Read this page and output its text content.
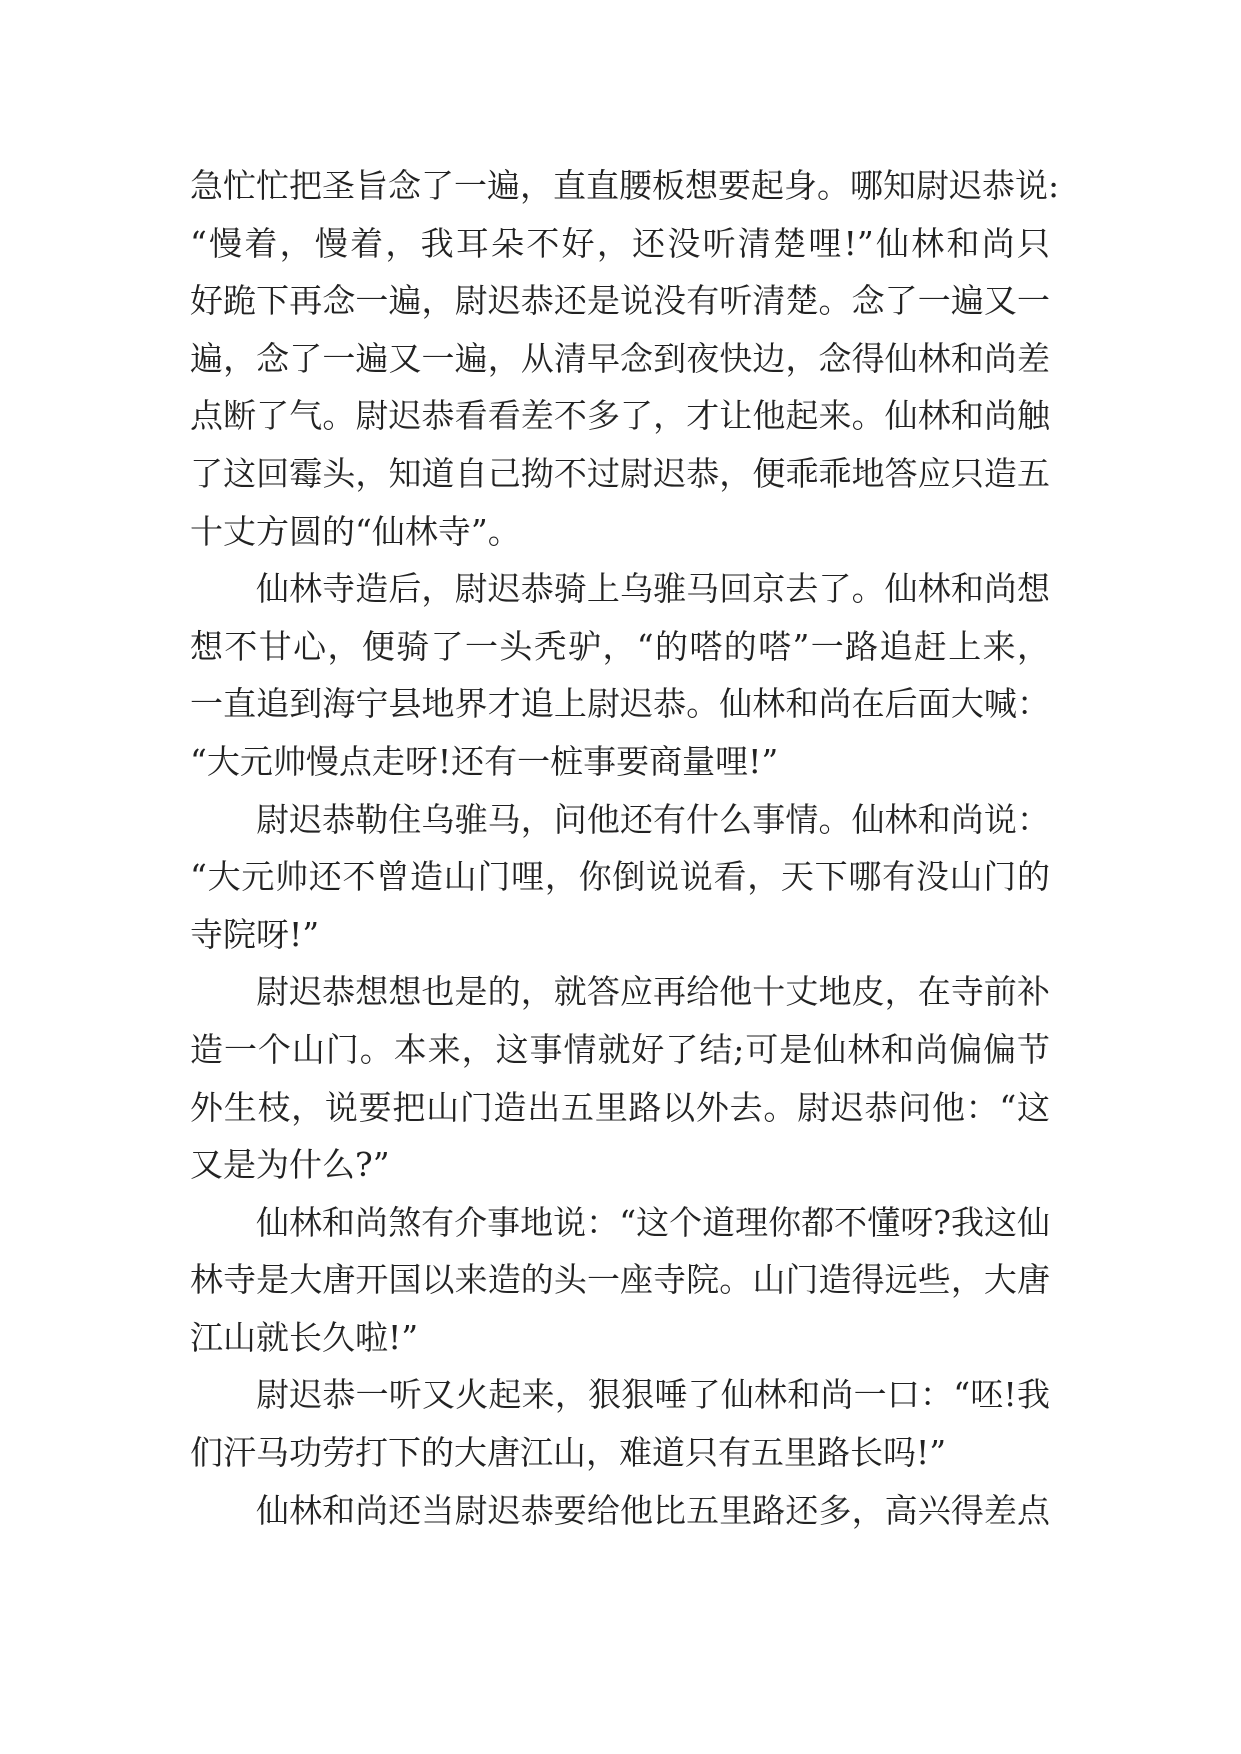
急忙忙把圣旨念了一遍，直直腰板想要起身。哪知尉迟恭说:
“慢着，慢着，我耳朵不好，还没听清楚哩!”仙林和尚只
好跪下再念一遍，尉迟恭还是说没有听清楚。念了一遍又一
遍，念了一遍又一遍，从清早念到夜快边，念得仙林和尚差
点断了气。尉迟恭看看差不多了，才让他起来。仙林和尚触
了这回霉头，知道自己拗不过尉迟恭，便乖乖地答应只造五
十丈方圆的“仙林寺”。
仙林寺造后，尉迟恭骑上乌骓马回京去了。仙林和尚想
想不甘心，便骑了一头秃驴，“的嗒的嗒”一路追赶上来，
一直追到海宁县地界才追上尉迟恭。仙林和尚在后面大喊：
“大元帅慢点走呀!还有一桩事要商量哩!”
尉迟恭勒住乌骓马，问他还有什么事情。仙林和尚说：
“大元帅还不曾造山门哩，你倒说说看，天下哪有没山门的
寺院呀!”
尉迟恭想想也是的，就答应再给他十丈地皮，在寺前补
造一个山门。本来，这事情就好了结;可是仙林和尚偏偏节
外生枝，说要把山门造出五里路以外去。尉迟恭问他：“这
又是为什么?”
仙林和尚煞有介事地说：“这个道理你都不懂呀?我这仙
林寺是大唐开国以来造的头一座寺院。山门造得远些，大唐
江山就长久啦!”
尉迟恭一听又火起来，狠狠唾了仙林和尚一口：“呸!我
们汗马功劳打下的大唐江山，难道只有五里路长吗!”
仙林和尚还当尉迟恭要给他比五里路还多，高兴得差点
